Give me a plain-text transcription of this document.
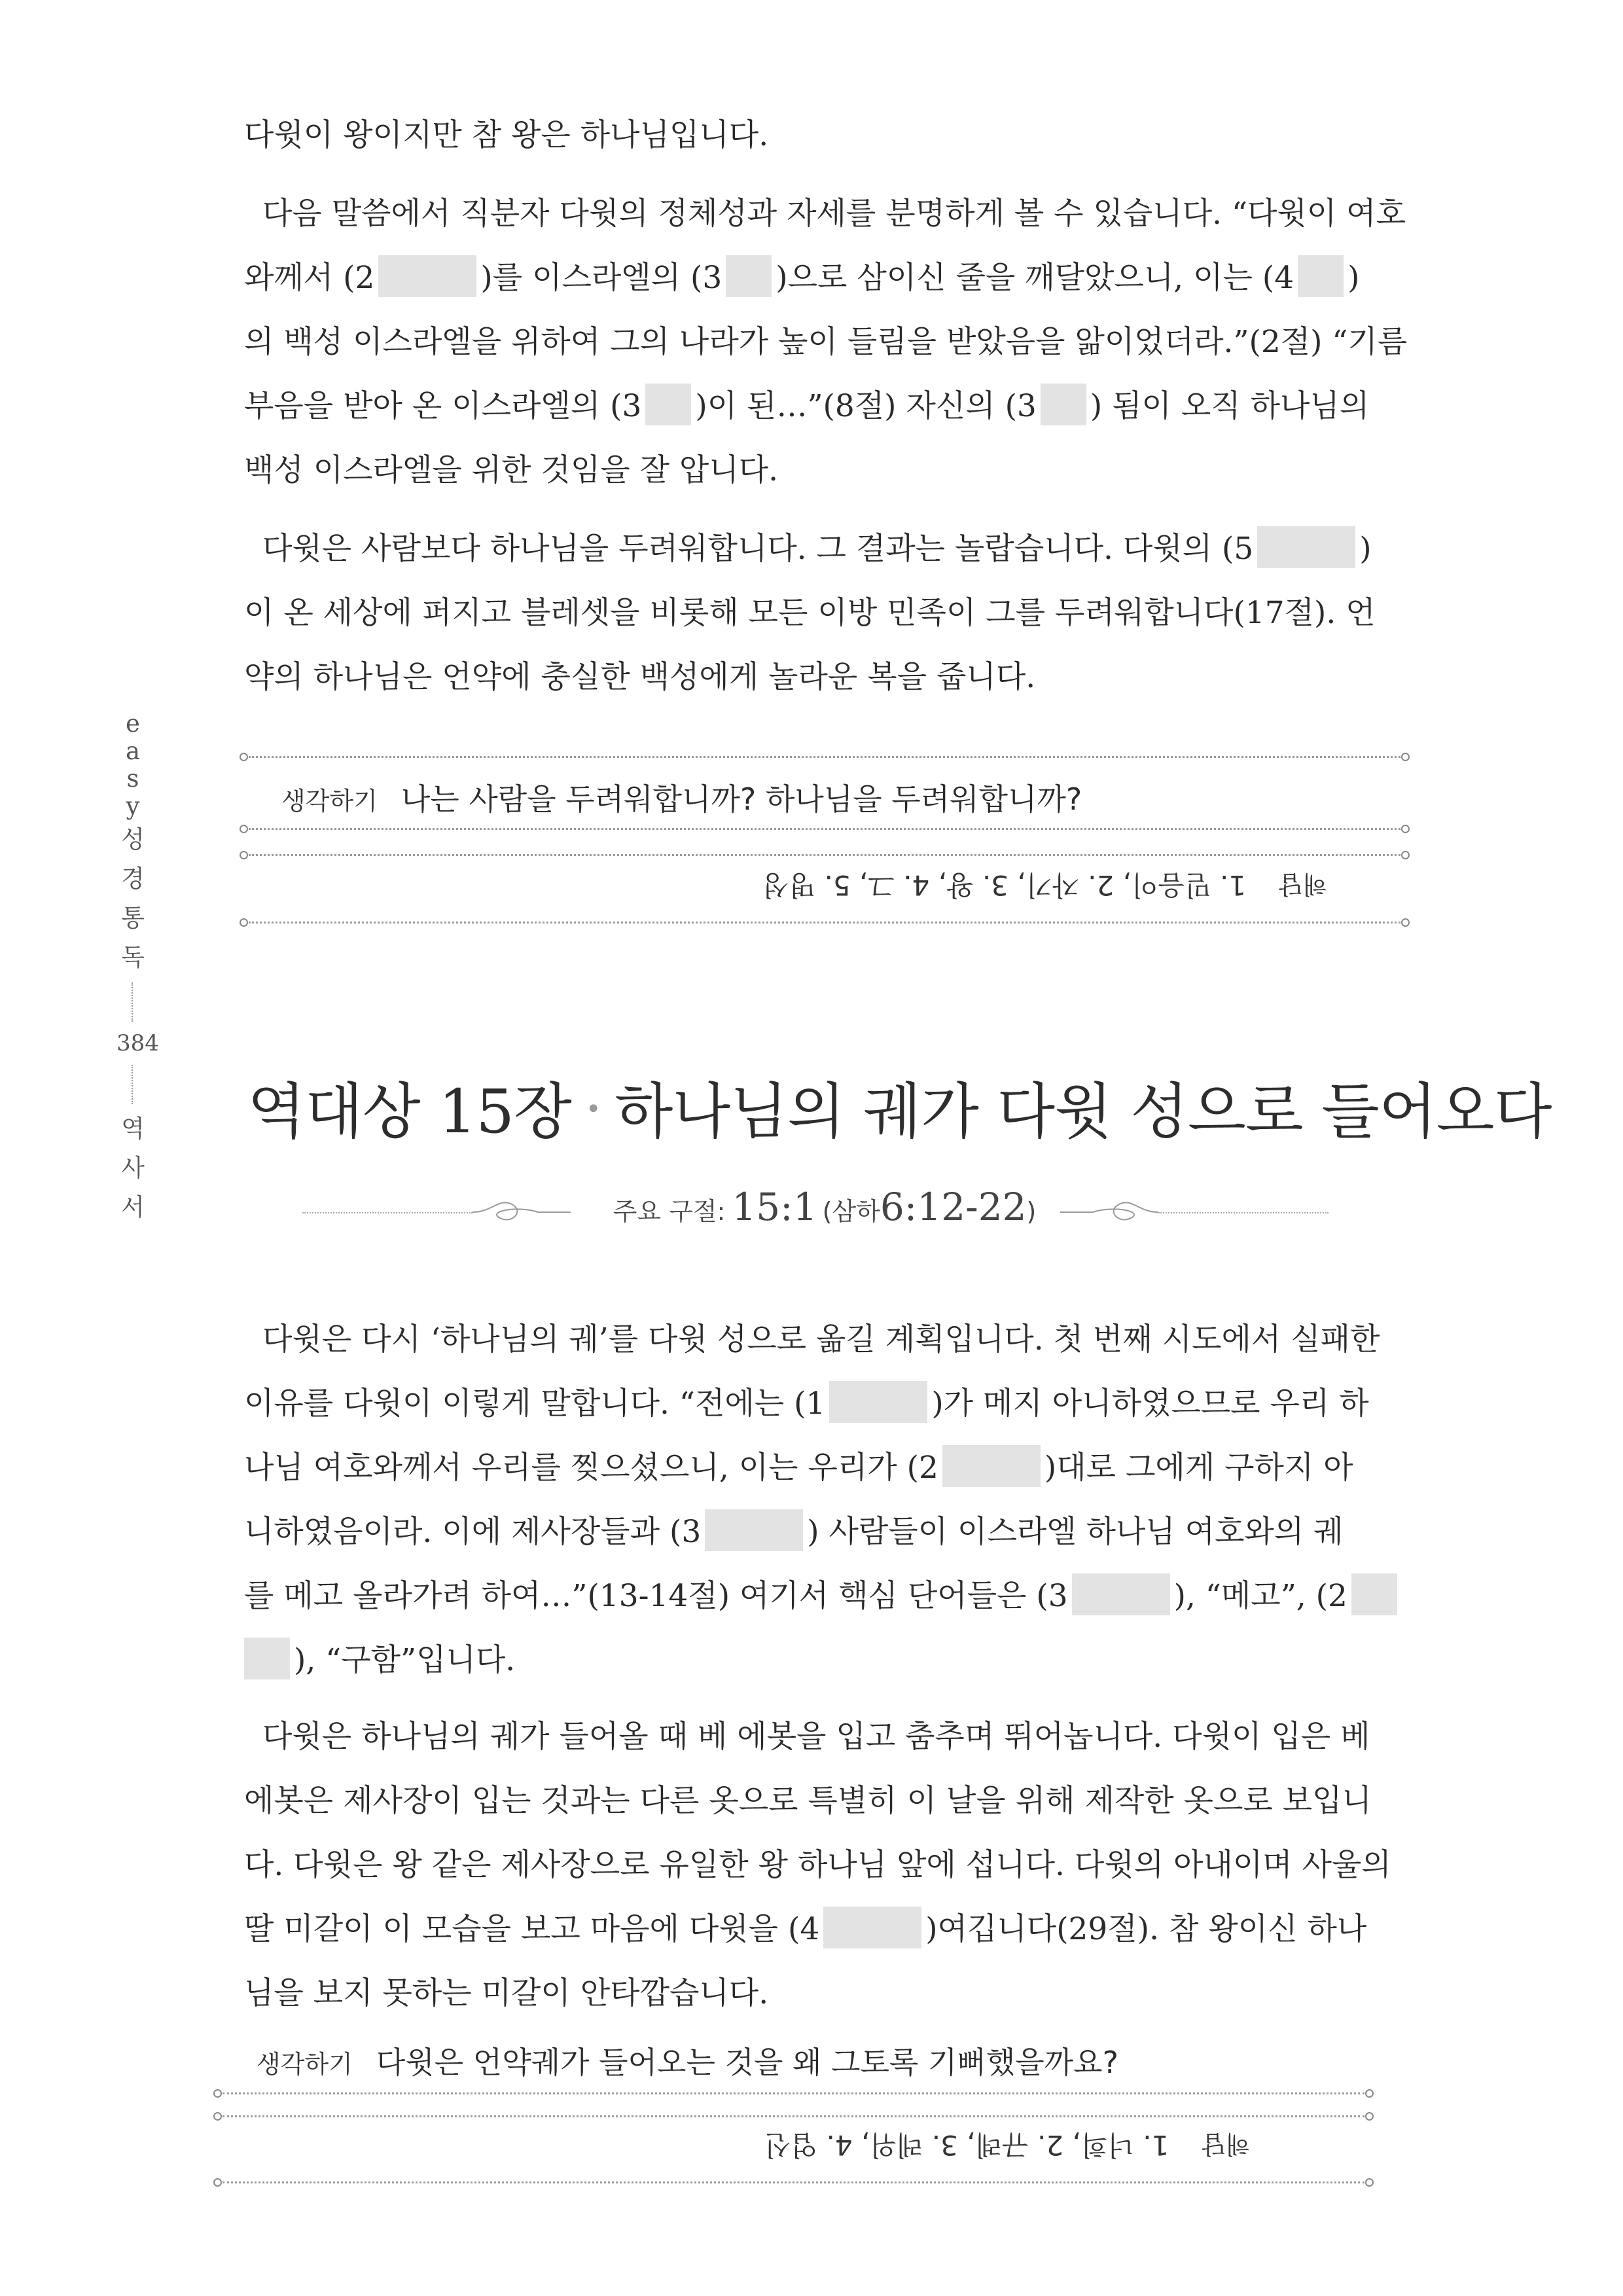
e
a
s
y
성
경
통
독
384
역
사
서
다윗이 왕이지만 참 왕은 하나님입니다.
다음 말씀에서 직분자 다윗의 정체성과 자세를 분명하게 볼 수 있습니다. “다윗이 여호
와께서 (2	)를 이스라엘의 (3 )으로 삼이신 줄을 깨달았으니, 이는 (4 )
의 백성 이스라엘을 위하여 그의 나라가 높이 들림을 받았음을 앎이었더라.”(2절) “기름
부음을 받아 온 이스라엘의 (3 )이 된…”(8절) 자신의 (3 ) 됨이 오직 하나님의
백성 이스라엘을 위한 것임을 잘 압니다.
다윗은 사람보다 하나님을 두려워합니다. 그 결과는 놀랍습니다. 다윗의 (5	)
이 온 세상에 퍼지고 블레셋을 비롯해 모든 이방 민족이 그를 두려워합니다(17절). 언
약의 하나님은 언약에 충실한 백성에게 놀라운 복을 줍니다.
생각하기 나는 사람을 두려워합니까? 하나님을 두려워합니까?
해답1. 믿음이, 2. 자기, 3. 왕, 4. 그, 5. 명성
역대상 15장 • 하나님의 궤가 다윗 성으로 들어오다
주요 구절: 15:1 (삼하6:12-22)
다윗은 다시 ‘하나님의 궤’를 다윗 성으로 옮길 계획입니다. 첫 번째 시도에서 실패한
이유를 다윗이 이렇게 말합니다. “전에는 (1	)가 메지 아니하였으므로 우리 하
나님 여호와께서 우리를 찢으셨으니, 이는 우리가 (2	)대로 그에게 구하지 아
니하였음이라. 이에 제사장들과 (3	) 사람들이 이스라엘 하나님 여호와의 궤
를 메고 올라가려 하여…”(13-14절) 여기서 핵심 단어들은 (3	), “메고”, (2
), “구함”입니다.
다윗은 하나님의 궤가 들어올 때 베 에봇을 입고 춤추며 뛰어놉니다. 다윗이 입은 베
에봇은 제사장이 입는 것과는 다른 옷으로 특별히 이 날을 위해 제작한 옷으로 보입니
다. 다윗은 왕 같은 제사장으로 유일한 왕 하나님 앞에 섭니다. 다윗의 아내이며 사울의
딸 미갈이 이 모습을 보고 마음에 다윗을 (4	)여깁니다(29절). 참 왕이신 하나
님을 보지 못하는 미갈이 안타깝습니다.
생각하기 다윗은 언약궤가 들어오는 것을 왜 그토록 기뻐했을까요?
해답1. 너희, 2. 규례, 3. 레위, 4. 업신
